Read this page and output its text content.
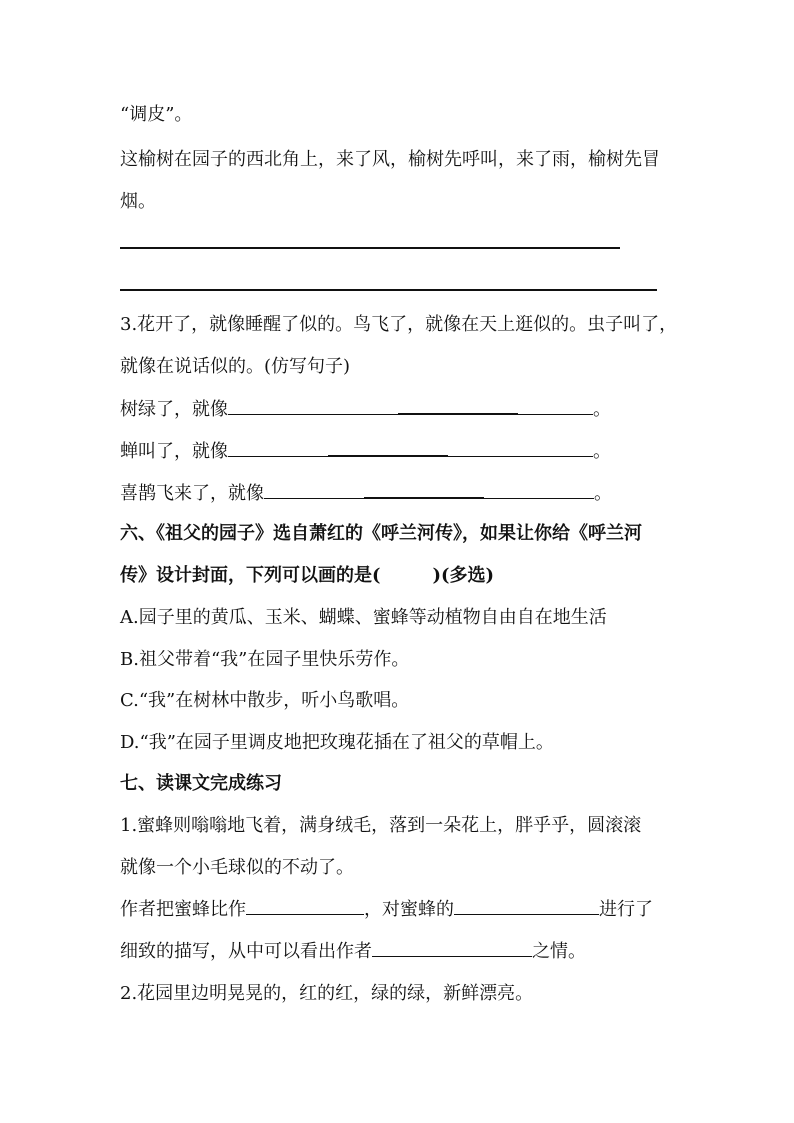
“调皮”。
这榆树在园子的西北角上，来了风，榆树先呼叫，来了雨，榆树先冒
烟。
3.花开了，就像睡醒了似的。鸟飞了，就像在天上逛似的。虫子叫了，
就像在说话似的。(仿写句子)
树绿了，就像	。
蝉叫了，就像	。
喜鹊飞来了，就像	。
六、《祖父的园子》选自萧红的《呼兰河传》，如果让你给《呼兰河
传》设计封面，下列可以画的是(	)(多选)
A.园子里的黄瓜、玉米、蝴蝶、蜜蜂等动植物自由自在地生活
B.祖父带着“我”在园子里快乐劳作。
C.“我”在树林中散步，听小鸟歌唱。
D.“我”在园子里调皮地把玫瑰花插在了祖父的草帽上。
七、读课文完成练习
1.蜜蜂则嗡嗡地飞着，满身绒毛，落到一朵花上，胖乎乎，圆滚滚
就像一个小毛球似的不动了。
作者把蜜蜂比作	，对蜜蜂的	进行了
细致的描写，从中可以看出作者	之情。
2.花园里边明晃晃的，红的红，绿的绿，新鲜漂亮。
